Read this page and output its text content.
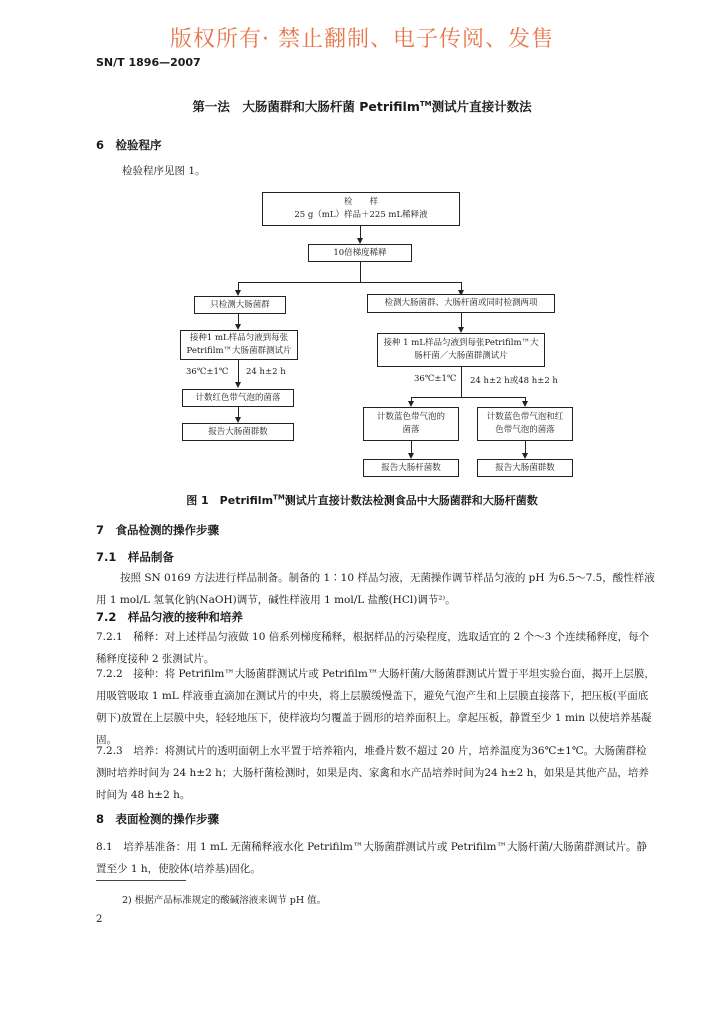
版权所有· 禁止翻制、电子传阅、发售
SN/T 1896—2007
第一法　大肠菌群和大肠杆菌 Petrifilm™测试片直接计数法
6　检验程序
检验程序见图 1。
检　　样
25 g（mL）样品＋225 mL稀释液
10倍梯度稀释
只检测大肠菌群	检测大肠菌群、大肠杆菌或同时检测两项
接种1 mL样品匀液到每张Petrifilm™大肠菌群测试片
接种 1 mL样品匀液到每张Petrifilm™大肠杆菌／大肠菌群测试片
36℃±1℃ 24 h±2 h
36℃±1℃ 24 h±2 h或48 h±2 h
计数红色带气泡的菌落
报告大肠菌群数
计数蓝色带气泡的菌落
计数蓝色带气泡和红色带气泡的菌落
报告大肠杆菌数	报告大肠菌群数
图 1　Petrifilm™测试片直接计数法检测食品中大肠菌群和大肠杆菌数
7　食品检测的操作步骤
7.1　样品制备
按照 SN 0169 方法进行样品制备。制备的 1∶10 样品匀液，无菌操作调节样品匀液的 pH 为6.5～7.5，酸性样液用 1 mol/L 氢氧化钠(NaOH)调节，碱性样液用 1 mol/L 盐酸(HCl)调节²⁾。
7.2　样品匀液的接种和培养
7.2.1　稀释：对上述样品匀液做 10 倍系列梯度稀释，根据样品的污染程度，选取适宜的 2 个～3 个连续稀释度，每个稀释度接种 2 张测试片。
7.2.2　接种：将 Petrifilm™大肠菌群测试片或 Petrifilm™大肠杆菌/大肠菌群测试片置于平坦实验台面，揭开上层膜，用吸管吸取 1 mL 样液垂直滴加在测试片的中央，将上层膜缓慢盖下，避免气泡产生和上层膜直接落下，把压板(平面底朝下)放置在上层膜中央，轻轻地压下，使样液均匀覆盖于圆形的培养面积上。拿起压板，静置至少 1 min 以使培养基凝固。
7.2.3　培养：将测试片的透明面朝上水平置于培养箱内，堆叠片数不超过 20 片，培养温度为36℃±1℃。大肠菌群检测时培养时间为 24 h±2 h；大肠杆菌检测时，如果是肉、家禽和水产品培养时间为24 h±2 h，如果是其他产品，培养时间为 48 h±2 h。
8　表面检测的操作步骤
8.1　培养基准备：用 1 mL 无菌稀释液水化 Petrifilm™大肠菌群测试片或 Petrifilm™大肠杆菌/大肠菌群测试片。静置至少 1 h，使胶体(培养基)固化。
2) 根据产品标准规定的酸碱溶液来调节 pH 值。
2
